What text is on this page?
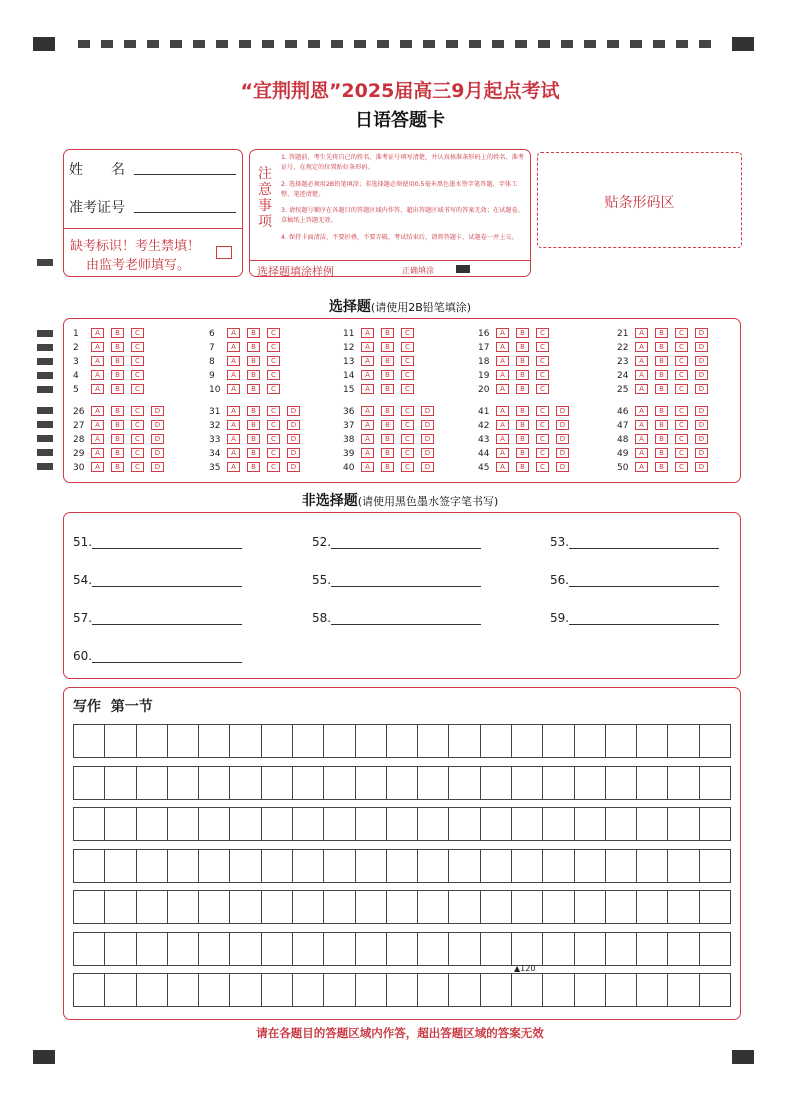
“宜荆荆恩”2025届高三9月起点考试
日语答题卡
姓　　名
准考证号
缺考标识！考生禁填！
由监考老师填写。
注意事项
1. 答题前，考生先将自己的姓名、准考证号填写清楚，并认真核准条形码上的姓名、准考证号，在规定的位置贴好条形码。
2. 选择题必须用2B铅笔填涂；非选择题必须使用0.5毫米黑色墨水签字笔答题，字体工整、笔迹清楚。
3. 请按题号顺序在各题目的答题区域内作答，超出答题区域书写的答案无效；在试题卷、草稿纸上答题无效。
4. 保持卡面清洁，不要折叠，不要弄破，考试结束后，请将答题卡、试题卷一并上交。
选择题填涂样例	正确填涂
贴条形码区
选择题(请使用2B铅笔填涂)
1 A B C
2 A B C
3 A B C
4 A B C
5 A B C
6 A B C
7 A B C
8 A B C
9 A B C
10 A B C
11 A B C
12 A B C
13 A B C
14 A B C
15 A B C
16 A B C
17 A B C
18 A B C
19 A B C
20 A B C
21 A B C D
22 A B C D
23 A B C D
24 A B C D
25 A B C D
26 A B C D
27 A B C D
28 A B C D
29 A B C D
30 A B C D
31 A B C D
32 A B C D
33 A B C D
34 A B C D
35 A B C D
36 A B C D
37 A B C D
38 A B C D
39 A B C D
40 A B C D
41 A B C D
42 A B C D
43 A B C D
44 A B C D
45 A B C D
46 A B C D
47 A B C D
48 A B C D
49 A B C D
50 A B C D
非选择题(请使用黑色墨水签字笔书写)
51.	52.	53.
54.	55.	56.
57.	58.	59.
60.
写作  第一节
▲120
请在各题目的答题区域内作答，超出答题区域的答案无效
